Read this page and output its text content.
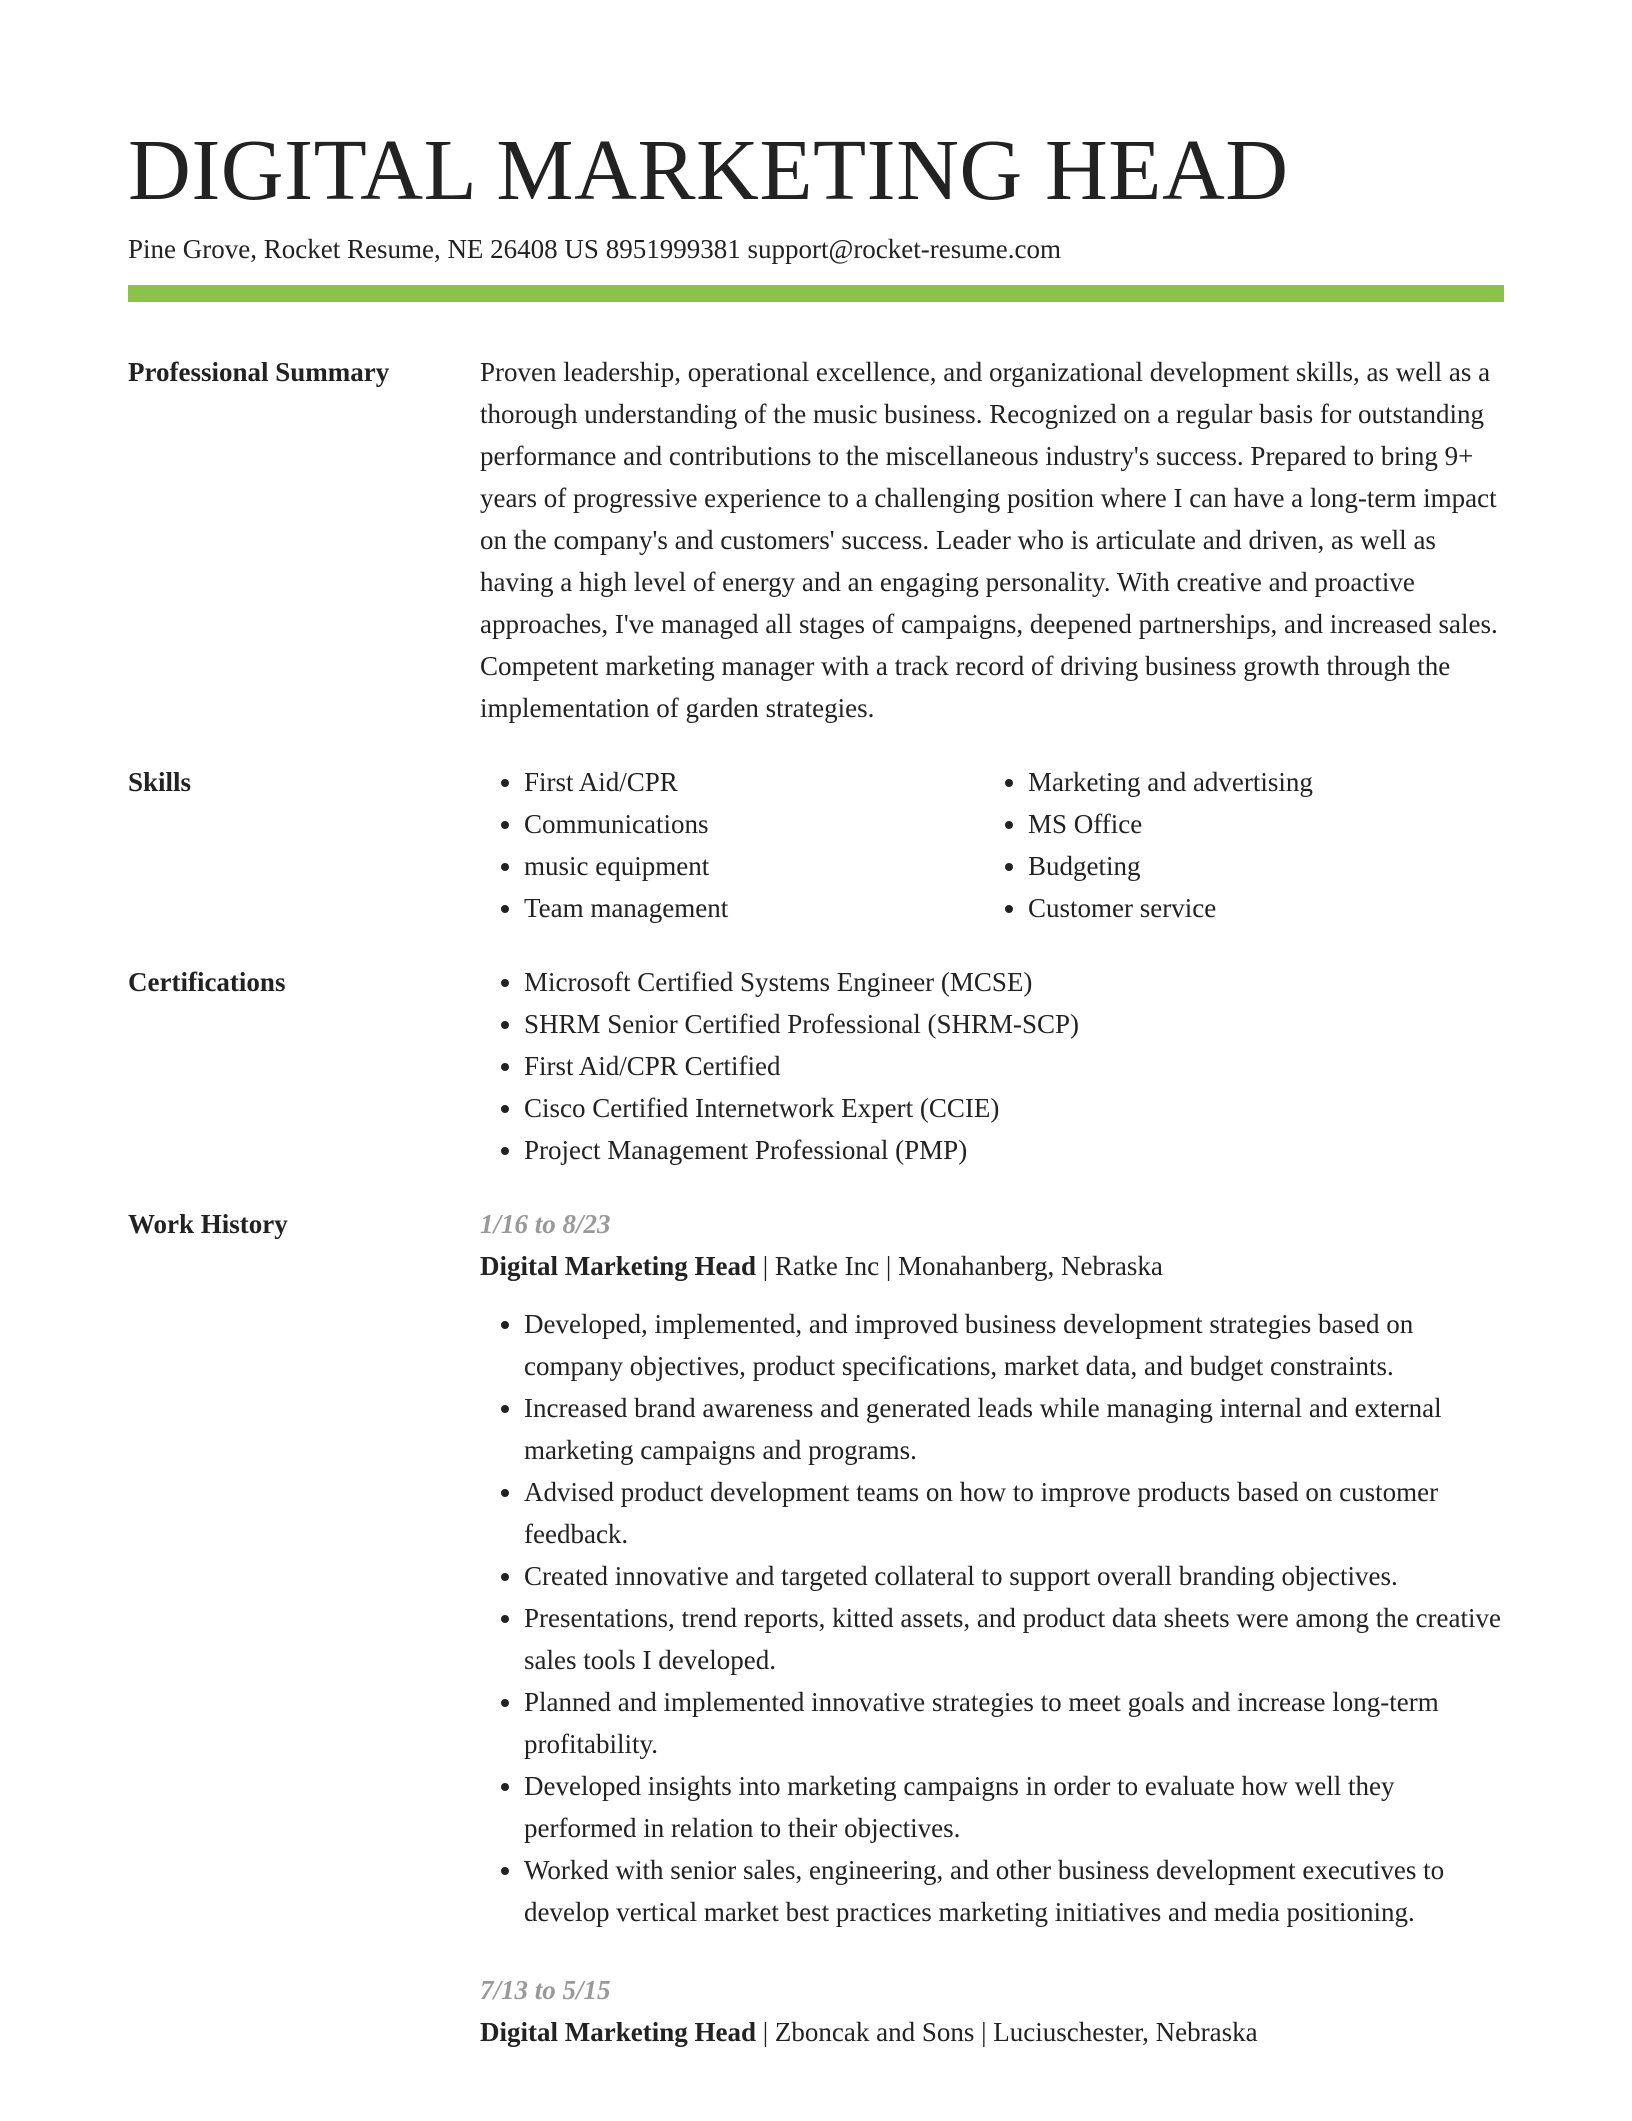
DIGITAL MARKETING HEAD
Pine Grove, Rocket Resume, NE 26408 US 8951999381 support@rocket-resume.com
Professional Summary	Proven leadership, operational excellence, and organizational development skills, as well as a thorough understanding of the music business. Recognized on a regular basis for outstanding performance and contributions to the miscellaneous industry's success. Prepared to bring 9+ years of progressive experience to a challenging position where I can have a long-term impact on the company's and customers' success. Leader who is articulate and driven, as well as having a high level of energy and an engaging personality. With creative and proactive approaches, I've managed all stages of campaigns, deepened partnerships, and increased sales. Competent marketing manager with a track record of driving business growth through the implementation of garden strategies.

Skills	• First Aid/CPR
• Communications
• music equipment
• Team management
• Marketing and advertising
• MS Office
• Budgeting
• Customer service
Certifications	• Microsoft Certified Systems Engineer (MCSE)
• SHRM Senior Certified Professional (SHRM-SCP)
• First Aid/CPR Certified
• Cisco Certified Internetwork Expert (CCIE)
• Project Management Professional (PMP)
Work History	1/16 to 8/23
Digital Marketing Head | Ratke Inc | Monahanberg, Nebraska
• Developed, implemented, and improved business development strategies based on company objectives, product specifications, market data, and budget constraints.
• Increased brand awareness and generated leads while managing internal and external marketing campaigns and programs.
• Advised product development teams on how to improve products based on customer feedback.
• Created innovative and targeted collateral to support overall branding objectives.
• Presentations, trend reports, kitted assets, and product data sheets were among the creative sales tools I developed.
• Planned and implemented innovative strategies to meet goals and increase long-term profitability.
• Developed insights into marketing campaigns in order to evaluate how well they performed in relation to their objectives.
• Worked with senior sales, engineering, and other business development executives to develop vertical market best practices marketing initiatives and media positioning.
7/13 to 5/15
Digital Marketing Head | Zboncak and Sons | Luciuschester, Nebraska
